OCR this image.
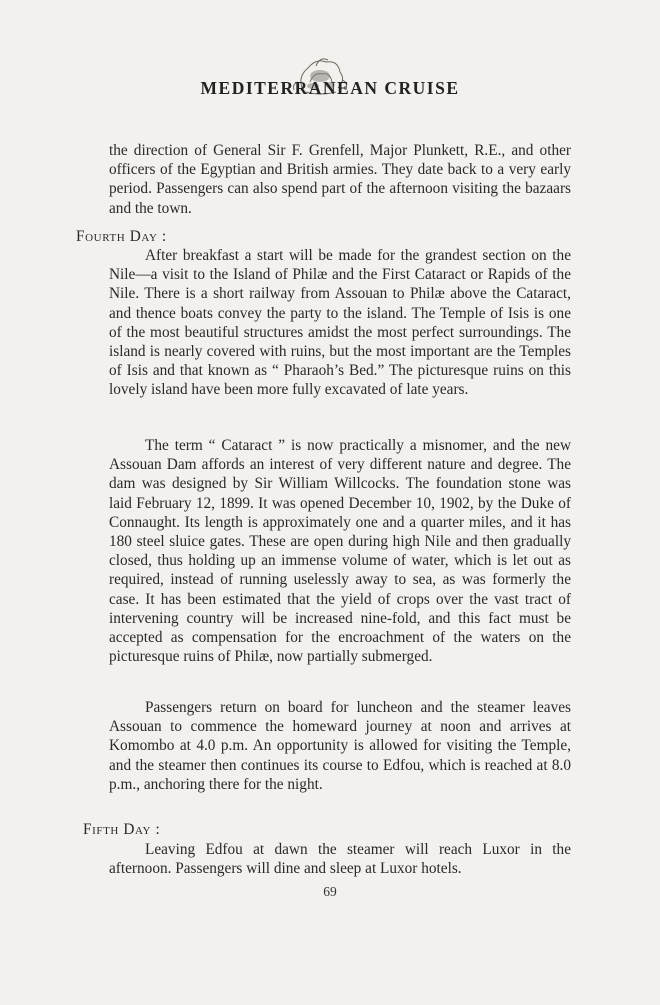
MEDITERRANEAN CRUISE

the direction of General Sir F. Grenfell, Major Plunkett, R.E., and other officers of the Egyptian and British armies. They date back to a very early period. Passengers can also spend part of the afternoon visiting the bazaars and the town.

Fourth Day :

After breakfast a start will be made for the grandest section on the Nile—a visit to the Island of Philæ and the First Cataract or Rapids of the Nile. There is a short railway from Assouan to Philæ above the Cataract, and thence boats convey the party to the island. The Temple of Isis is one of the most beautiful structures amidst the most perfect surroundings. The island is nearly covered with ruins, but the most important are the Temples of Isis and that known as “ Pharaoh’s Bed.” The picturesque ruins on this lovely island have been more fully excavated of late years.

The term “ Cataract ” is now practically a misnomer, and the new Assouan Dam affords an interest of very different nature and degree. The dam was designed by Sir William Willcocks. The foundation stone was laid February 12, 1899. It was opened December 10, 1902, by the Duke of Connaught. Its length is approximately one and a quarter miles, and it has 180 steel sluice gates. These are open during high Nile and then gradually closed, thus holding up an immense volume of water, which is let out as required, instead of running uselessly away to sea, as was formerly the case. It has been estimated that the yield of crops over the vast tract of intervening country will be increased nine-fold, and this fact must be accepted as compensation for the encroachment of the waters on the picturesque ruins of Philæ, now partially submerged.

Passengers return on board for luncheon and the steamer leaves Assouan to commence the homeward journey at noon and arrives at Komombo at 4.0 p.m. An opportunity is allowed for visiting the Temple, and the steamer then continues its course to Edfou, which is reached at 8.0 p.m., anchoring there for the night.

Fifth Day :

Leaving Edfou at dawn the steamer will reach Luxor in the afternoon. Passengers will dine and sleep at Luxor hotels.

69
